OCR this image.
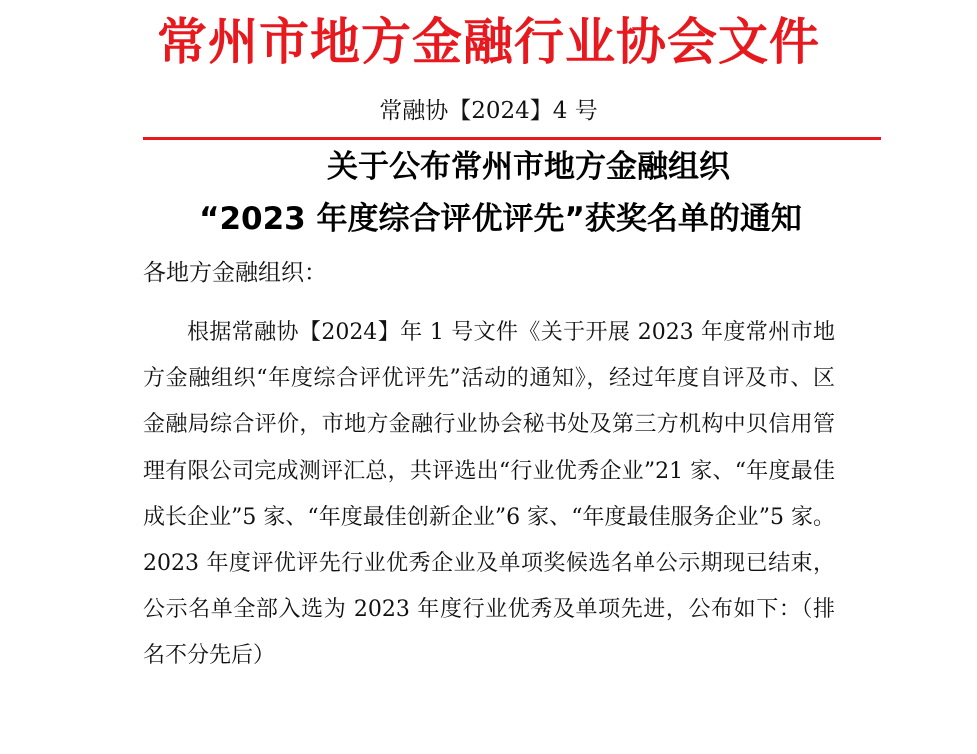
常州市地方金融行业协会文件
常融协【2024】4 号
关于公布常州市地方金融组织
“2023 年度综合评优评先”获奖名单的通知
各地方金融组织：

根据常融协【2024】年 1 号文件《关于开展 2023 年度常州市地方金融组织“年度综合评优评先”活动的通知》，经过年度自评及市、区金融局综合评价，市地方金融行业协会秘书处及第三方机构中贝信用管理有限公司完成测评汇总，共评选出“行业优秀企业”21 家、“年度最佳成长企业”5 家、“年度最佳创新企业”6 家、“年度最佳服务企业”5 家。2023 年度评优评先行业优秀企业及单项奖候选名单公示期现已结束，公示名单全部入选为 2023 年度行业优秀及单项先进，公布如下：（排名不分先后）
